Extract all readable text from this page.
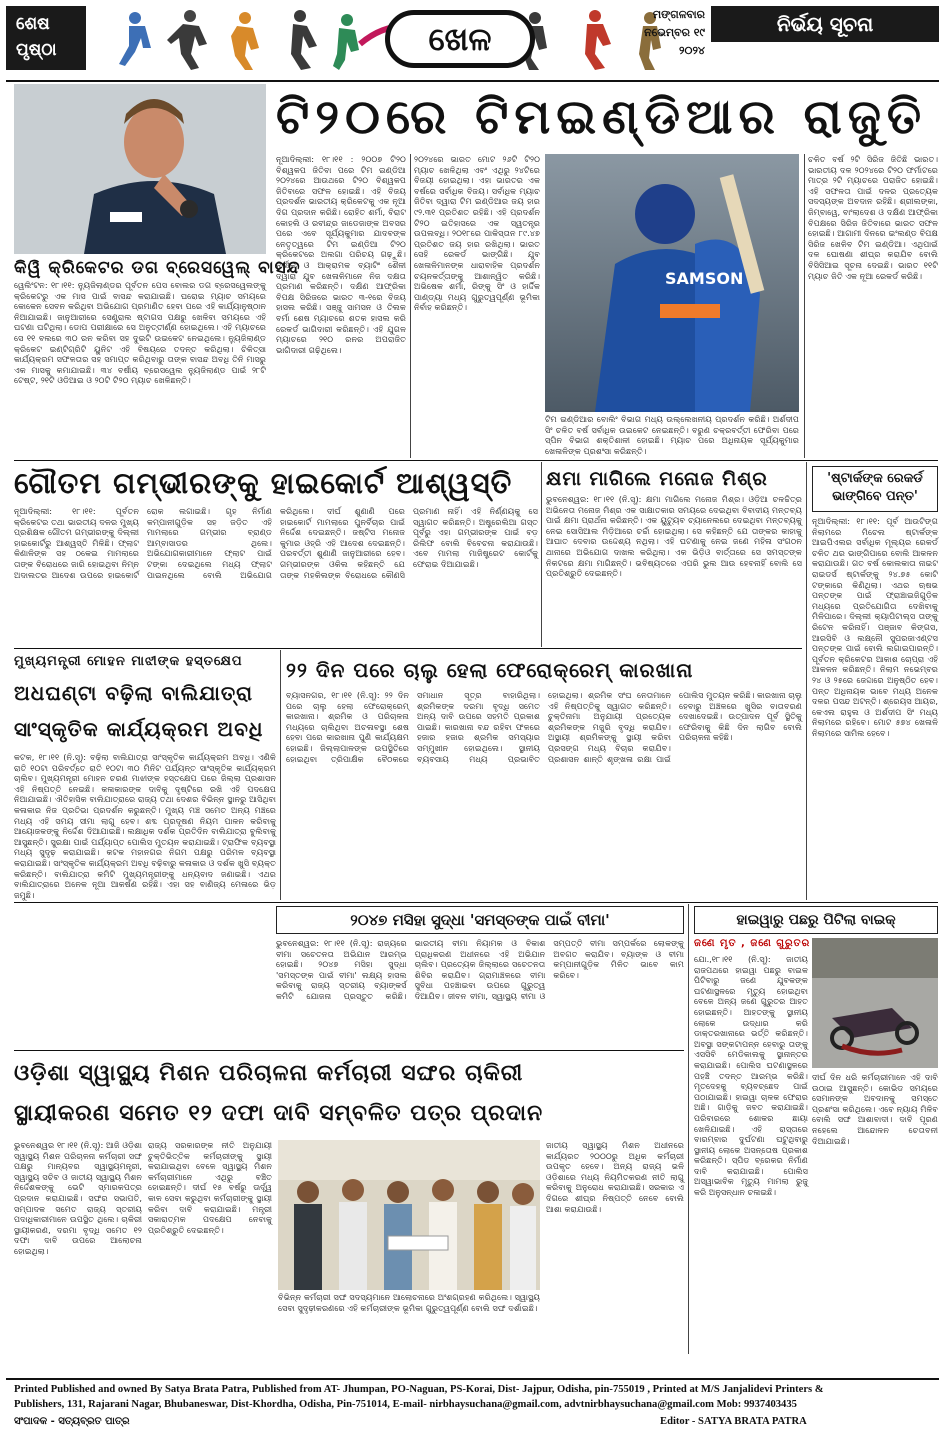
ଶେଷ
ପୃଷ୍ଠା	ଖେଳ
ମଙ୍ଗଳବାର
ନଭେମ୍ବର ୧୯
୨୦୨୪
ନିର୍ଭୟ ସୂଚନା
କିୱି କ୍ରିକେଟର ଡଗ ବ୍ରେସୱେଲ୍ ବାସନ୍ଦ
ୱେଲିଂଟନ: ୧୮।୧୧: ନ୍ୟୁଜିଲାଣ୍ଡର ପୂର୍ବତନ ପେସ ବୋଲର ଡଗ ବ୍ରେସୱେଲଙ୍କୁ କ୍ରିକେଟରୁ ଏକ ମାସ ପାଇଁ ବାସନ୍ଦ କରାଯାଇଛି। ଘରୋଇ ମ୍ୟାଚ ସମୟରେ କୋକେନ ସେବନ କରିଥିବା ଅଭିଯୋଗ ପ୍ରମାଣିତ ହେବା ପରେ ଏହି କାର୍ଯ୍ୟାନୁଷ୍ଠାନ ନିଆଯାଇଛି। ଜାନୁଆରୀରେ ସେଣ୍ଟ୍ରାଲ ଷ୍ଟାଗସ ପକ୍ଷରୁ ଖେଳିବା ସମୟରେ ଏହି ଘଟଣା ଘଟିଥିଲା। ଡୋପ ପରୀକ୍ଷାରେ ସେ ଅନୁତ୍ତୀର୍ଣ୍ଣ ହୋଇଥିଲେ। ଏହି ମ୍ୟାଚରେ ସେ ୧୧ ବଲରେ ୩୦ ରନ କରିବା ସହ ଦୁଇଟି ଉଇକେଟ ନେଇଥିଲେ। ନ୍ୟୁଜିଲାଣ୍ଡ କ୍ରିକେଟ ଇଣ୍ଟିଗ୍ରିଟି ୟୁନିଟ ଏହି ବିଷୟରେ ତଦନ୍ତ କରିଥିଲା। ଚିକିତ୍ସା କାର୍ଯ୍ୟକ୍ରମ ସଫଳତାର ସହ ସମାପ୍ତ କରିଥିବାରୁ ତାଙ୍କ ବାସନ୍ଦ ଅବଧି ତିନି ମାସରୁ ଏକ ମାସକୁ କମାଯାଇଛି। ୩୪ ବର୍ଷୀୟ ବ୍ରେସୱେଲ ନ୍ୟୁଜିଲାଣ୍ଡ ପାଇଁ ୨୮ଟି ଟେଷ୍ଟ, ୨୧ଟି ଓଡିଆଇ ଓ ୨୦ଟି ଟି୨୦ ମ୍ୟାଚ ଖେଳିଛନ୍ତି।
ଟି୨୦ରେ ଟିମଇଣ୍ଡିଆର ରାଜୁତି
ନୂଆଦିଲ୍ଲୀ: ୧୮।୧୧ : ୨୦୦୭ ଟି୨୦ ବିଶ୍ୱକପ ଜିତିବା ପରେ ଟିମ ଇଣ୍ଡିଆ ୨୦୨୪ରେ ଆଉଥରେ ଟି୨୦ ବିଶ୍ୱକପ ଜିତିବାରେ ସଫଳ ହୋଇଛି। ଏହି ବିଜୟ ପ୍ରଦର୍ଶନ ଭାରତୀୟ କ୍ରିକେଟକୁ ଏକ ନୂଆ ଦିଗ ପ୍ରଦାନ କରିଛି। ରୋହିତ ଶର୍ମା, ବିରାଟ କୋହଲି ଓ ରବୀନ୍ଦ୍ର ଜାଡେଜାଙ୍କ ଅବସର ପରେ ଏବେ ସୂର୍ଯ୍ୟକୁମାର ଯାଦବଙ୍କ ନେତୃତ୍ୱରେ ଟିମ ଇଣ୍ଡିଆ ଟି୨୦ କ୍ରିକେଟରେ ଅଲଗା ପରିଚୟ ଗଢ଼ୁଛି। ନିର୍ଭୀକ ଓ ଆକ୍ରାମକ ବ୍ୟାଟିଂ ଶୈଳୀ ଦ୍ୱାରା ଯୁବ ଖେଳାଳିମାନେ ନିଜ ଦକ୍ଷତା ପ୍ରମାଣ କରିଛନ୍ତି। ଦକ୍ଷିଣ ଆଫ୍ରିକା ବିପକ୍ଷ ସିରିଜରେ ଭାରତ ୩-୧ରେ ବିଜୟ ହାସଲ କରିଛି। ସଞ୍ଜୁ ସାମସନ ଓ ତିଲକ ବର୍ମା ଶେଷ ମ୍ୟାଚରେ ଶତକ ହାସଲ କରି ରେକର୍ଡ ଭାଗିଦାରୀ କରିଛନ୍ତି। ଏହି ଯୁଗଳ ମ୍ୟାଚରେ ୨୧୦ ରନର ଅପରାଜିତ ଭାଗିଦାରୀ ଗଢ଼ିଥିଲେ।
୨୦୨୪ରେ ଭାରତ ମୋଟ ୨୬ଟି ଟି୨୦ ମ୍ୟାଚ ଖେଳିଥିଲା ଏବଂ ଏଥିରୁ ୨୪ଟିରେ ବିଜୟୀ ହୋଇଥିଲା। ଏହା ଭାରତର ଏକ ବର୍ଷରେ ସର୍ବାଧିକ ବିଜୟ। ସର୍ବାଧିକ ମ୍ୟାଚ ଜିତିବା ଦ୍ୱାରା ଟିମ ଇଣ୍ଡିଆର ଜୟ ହାର ୯୨.୩୧ ପ୍ରତିଶତ ରହିଛି। ଏହି ପ୍ରଦର୍ଶନ ଟି୨୦ ଇତିହାସରେ ଏକ ସ୍ୱତନ୍ତ୍ର ଉପଲବ୍ଧି। ୨୦୧୮ରେ ପାକିସ୍ତାନ ୮୯.୪୭ ପ୍ରତିଶତ ଜୟ ହାର ରଖିଥିଲା। ଭାରତ ସେହି ରେକର୍ଡ ଭାଙ୍ଗିଛି। ଯୁବ ଖେଳାଳିମାନଙ୍କ ଧାରାବାହିକ ପ୍ରଦର୍ଶନ ଚୟନକର୍ତ୍ତାଙ୍କୁ ଆଶାନ୍ୱିତ କରିଛି। ଅଭିଷେକ ଶର୍ମା, ରିଙ୍କୁ ସିଂ ଓ ହାର୍ଦ୍ଦିକ ପାଣ୍ଡ୍ୟା ମଧ୍ୟ ଗୁରୁତ୍ୱପୂର୍ଣ୍ଣ ଭୂମିକା ନିର୍ବାହ କରିଛନ୍ତି।
SAMSON
ଟିମ ଇଣ୍ଡିଆର ବୋଲିଂ ବିଭାଗ ମଧ୍ୟ ଉଲ୍ଲେଖନୀୟ ପ୍ରଦର୍ଶନ କରିଛି। ଅର୍ଶଦୀପ ସିଂ ଚଳିତ ବର୍ଷ ସର୍ବାଧିକ ଉଇକେଟ ନେଇଛନ୍ତି। ବରୁଣ ଚକ୍ରବର୍ତ୍ତୀ ଫେରିବା ପରେ ସ୍ପିନ ବିଭାଗ ଶକ୍ତିଶାଳୀ ହୋଇଛି। ମ୍ୟାଚ ପରେ ଅଧିନାୟକ ସୂର୍ଯ୍ୟକୁମାର ଖେଳାଳିଙ୍କ ପ୍ରଶଂସା କରିଛନ୍ତି।
ଚଳିତ ବର୍ଷ ୨ଟି ସିରିଜ ଜିତିଛି ଭାରତ। ଭାରତୀୟ ଦଳ ୨୦୨୪ରେ ଟି୨୦ ଫର୍ମାଟରେ ମାତ୍ର ୨ଟି ମ୍ୟାଚରେ ପରାଜିତ ହୋଇଛି। ଏହି ସଫଳତା ପାଇଁ ଦଳର ପ୍ରତ୍ୟେକ ସଦସ୍ୟଙ୍କ ଅବଦାନ ରହିଛି। ଶ୍ରୀଲଙ୍କା, ଜିମ୍ବାୱେ, ବାଂଲାଦେଶ ଓ ଦକ୍ଷିଣ ଆଫ୍ରିକା ବିପକ୍ଷରେ ସିରିଜ ଜିତିବାରେ ଭାରତ ସଫଳ ହୋଇଛି। ଆଗାମୀ ଦିନରେ ଇଂଲଣ୍ଡ ବିପକ୍ଷ ସିରିଜ ଖେଳିବ ଟିମ ଇଣ୍ଡିଆ। ଏଥିପାଇଁ ଦଳ ଘୋଷଣା ଶୀଘ୍ର କରାଯିବ ବୋଲି ବିସିସିଆଇ ସୂଚନା ଦେଇଛି। ଭାରତ ୧୧ଟି ମ୍ୟାଚ ଜିତି ଏକ ନୂଆ ରେକର୍ଡ କରିଛି।
ଗୌତମ ଗମ୍ଭୀରଙ୍କୁ ହାଇକୋର୍ଟ ଆଶ୍ୱସ୍ତି
ନୂଆଦିଲ୍ଲୀ: ୧୮।୧୧: ପୂର୍ବତନ କ୍ରିକେଟର ତଥା ଭାରତୀୟ ଦଳର ମୁଖ୍ୟ ପ୍ରଶିକ୍ଷକ ଗୌତମ ଗମ୍ଭୀରଙ୍କୁ ଦିଲ୍ଲୀ ହାଇକୋର୍ଟରୁ ଆଶ୍ୱସ୍ତି ମିଳିଛି। ଫ୍ଲାଟ କିଣାଳିଙ୍କ ସହ ଠକେଇ ମାମଲାରେ ତାଙ୍କ ବିରୋଧରେ ଜାରି ହୋଇଥିବା ନିମ୍ନ ଅଦାଲତର ଆଦେଶ ଉପରେ ହାଇକୋର୍ଟ ରୋକ ଲଗାଇଛି। ଗୃହ ନିର୍ମାଣ କମ୍ପାନୀଗୁଡ଼ିକ ସହ ଜଡ଼ିତ ଏହି ମାମଲାରେ ଗମ୍ଭୀର ବ୍ରାଣ୍ଡ ଆମ୍ବାସାଡର ଥିଲେ। ଅଭିଯୋଗକାରୀମାନେ ଫ୍ଲାଟ ପାଇଁ ଟଙ୍କା ଦେଇଥିଲେ ମଧ୍ୟ ଫ୍ଲାଟ ପାଇନଥିଲେ ବୋଲି ଅଭିଯୋଗ କରିଥିଲେ। ଦୀର୍ଘ ଶୁଣାଣି ପରେ ହାଇକୋର୍ଟ ମାମଲାରେ ପୁନର୍ବିଚାର ପାଇଁ ନିର୍ଦ୍ଦେଶ ଦେଇଛନ୍ତି। ଜଷ୍ଟିସ ମନୋଜ କୁମାର ଓହ୍ରି ଏହି ଆଦେଶ ଦେଇଛନ୍ତି। ପରବର୍ତ୍ତୀ ଶୁଣାଣି ଜାନୁଆରୀରେ ହେବ। ଗମ୍ଭୀରଙ୍କ ଓକିଲ କହିଛନ୍ତି ଯେ ତାଙ୍କ ମହକିଲଙ୍କ ବିରୋଧରେ କୌଣସି ପ୍ରମାଣ ନାହିଁ। ଏହି ନିର୍ଣ୍ଣୟକୁ ସେ ସ୍ୱାଗତ କରିଛନ୍ତି। ଅଷ୍ଟ୍ରେଲିଆ ଗସ୍ତ ପୂର୍ବରୁ ଏହା ଗମ୍ଭୀରଙ୍କ ପାଇଁ ବଡ଼ ରିଲିଫ ବୋଲି ବିବେଚନା କରାଯାଉଛି। ଏବେ ମାମଲା ମାଜିଷ୍ଟ୍ରେଟ କୋର୍ଟକୁ ଫେରାଇ ଦିଆଯାଇଛି।
କ୍ଷମା ମାଗିଲେ ମନୋଜ ମିଶ୍ର
ଭୁବନେଶ୍ୱର: ୧୮।୧୧ (ନି.ସୂ): କ୍ଷମା ମାଗିଲେ ମନୋଜ ମିଶ୍ର। ଓଡ଼ିଆ ଚଳଚ୍ଚିତ୍ର ଅଭିନେତା ମନୋଜ ମିଶ୍ର ଏକ ସାକ୍ଷାତକାର ସମୟରେ ଦେଇଥିବା ବିବାଦୀୟ ମନ୍ତବ୍ୟ ପାଇଁ କ୍ଷମା ପ୍ରାର୍ଥନା କରିଛନ୍ତି। ଏକ ୟୁଟ୍ୟୁବ ଚ୍ୟାନେଲରେ ଦେଇଥିବା ମନ୍ତବ୍ୟକୁ ନେଇ ସୋସିଆଲ ମିଡ଼ିଆରେ ଚର୍ଚ୍ଚା ହୋଇଥିଲା। ସେ କହିଛନ୍ତି ଯେ ତାଙ୍କର କାହାକୁ ଆଘାତ ଦେବାର ଉଦ୍ଦେଶ୍ୟ ନଥିଲା। ଏହି ଘଟଣାକୁ ନେଇ ଜଣେ ମହିଳା ସଂଗଠନ ଥାନାରେ ଅଭିଯୋଗ ଦାଖଲ କରିଥିଲା। ଏକ ଭିଡ଼ିଓ ବାର୍ତ୍ତାରେ ସେ ସମସ୍ତଙ୍କ ନିକଟରେ କ୍ଷମା ମାଗିଛନ୍ତି। ଭବିଷ୍ୟତରେ ଏପରି ଭୁଲ ଆଉ ହେବନାହିଁ ବୋଲି ସେ ପ୍ରତିଶ୍ରୁତି ଦେଇଛନ୍ତି।
'ଷ୍ଟାର୍କଙ୍କ ରେକର୍ଡ
ଭାଙ୍ଗିବେ ପନ୍ତ'
ନୂଆଦିଲ୍ଲୀ: ୧୮।୧୧: ପୂର୍ବ ଆଉଟିଙ୍ଗ ନିଲାମରେ ମିଚେଲ ଷ୍ଟାର୍କଙ୍କ ଆଇପିଏଲର ସର୍ବାଧିକ ମୂଲ୍ୟର ରେକର୍ଡ ଚଳିତ ଥର ଭାଙ୍ଗିପାରେ ବୋଲି ଆକଳନ କରାଯାଉଛି। ଗତ ବର୍ଷ କୋଲକାତା ନାଇଟ ରାଇଡର୍ସ ଷ୍ଟାର୍କଙ୍କୁ ୨୪.୭୫ କୋଟି ଟଙ୍କାରେ କିଣିଥିଲା। ଏଥର ଋଷଭ ପନ୍ତଙ୍କ ପାଇଁ ଫ୍ରାଞ୍ଚାଇଜିଗୁଡ଼ିକ ମଧ୍ୟରେ ପ୍ରତିଯୋଗିତା ଦେଖିବାକୁ ମିଳିପାରେ। ଦିଲ୍ଲୀ କ୍ୟାପିଟାଲ୍ସ ତାଙ୍କୁ ରିଟେନ କରିନାହିଁ। ପଞ୍ଜାବ କିଙ୍ଗସ, ଆରସିବି ଓ ଲକ୍ଷ୍ନୌ ସୁପରଜାଏଣ୍ଟସ ପନ୍ତଙ୍କ ପାଇଁ ବୋଲି ଲଗାଇପାରନ୍ତି। ପୂର୍ବତନ କ୍ରିକେଟର ଆକାଶ ଚୋପ୍ରା ଏହି ଆକଳନ କରିଛନ୍ତି। ନିଲାମ ନଭେମ୍ବର ୨୪ ଓ ୨୫ରେ ଜେଦ୍ଦାରେ ଅନୁଷ୍ଠିତ ହେବ। ପନ୍ତ ଅଧିନାୟକ ଭାବେ ମଧ୍ୟ ଅନେକ ଦଳର ପସନ୍ଦ ଅଟନ୍ତି। ଶ୍ରେୟସ ଆୟର, କେଏଲ ରାହୁଲ ଓ ଅର୍ଶଦୀପ ସିଂ ମଧ୍ୟ ନିଲାମରେ ରହିବେ। ମୋଟ ୫୭୪ ଖେଳାଳି ନିଲାମରେ ସାମିଲ ହେବେ।
ମୁଖ୍ୟମନ୍ତ୍ରୀ ମୋହନ ମାଝୀଙ୍କ ହସ୍ତକ୍ଷେପ
ଅଧଘଣ୍ଟା ବଢ଼ିଲା ବାଲିଯାତ୍ରା
ସାଂସ୍କୃତିକ କାର୍ଯ୍ୟକ୍ରମ ଅବଧି
କଟକ, ୧୮।୧୧ (ନି.ସୂ): ବଢ଼ିଲା ବାଲିଯାତ୍ରା ସାଂସ୍କୃତିକ କାର୍ଯ୍ୟକ୍ରମ ଅବଧି। ଏଣିକି ରାତି ୧୦ଟା ପରିବର୍ତ୍ତେ ରାତି ୧୦ଟା ୩୦ ମିନିଟ ପର୍ଯ୍ୟନ୍ତ ସାଂସ୍କୃତିକ କାର୍ଯ୍ୟକ୍ରମ ଚାଲିବ। ମୁଖ୍ୟମନ୍ତ୍ରୀ ମୋହନ ଚରଣ ମାଝୀଙ୍କ ହସ୍ତକ୍ଷେପ ପରେ ଜିଲ୍ଲା ପ୍ରଶାସନ ଏହି ନିଷ୍ପତ୍ତି ନେଇଛି। କଳାକାରଙ୍କ ଦାବିକୁ ଦୃଷ୍ଟିରେ ରଖି ଏହି ପଦକ୍ଷେପ ନିଆଯାଇଛି। ଐତିହାସିକ ବାଲିଯାତ୍ରାରେ ରାଜ୍ୟ ତଥା ଦେଶର ବିଭିନ୍ନ ସ୍ଥାନରୁ ଆସିଥିବା କଳାକାର ନିଜ ପ୍ରତିଭା ପ୍ରଦର୍ଶନ କରୁଛନ୍ତି। ମୁଖ୍ୟ ମଞ୍ଚ ସମେତ ଅନ୍ୟ ମଞ୍ଚରେ ମଧ୍ୟ ଏହି ସମୟ ସୀମା ଲାଗୁ ହେବ। ଶବ୍ଦ ପ୍ରଦୂଷଣ ନିୟମ ପାଳନ କରିବାକୁ ଆୟୋଜକଙ୍କୁ ନିର୍ଦ୍ଦେଶ ଦିଆଯାଇଛି। ଲକ୍ଷାଧିକ ଦର୍ଶକ ପ୍ରତିଦିନ ବାଲିଯାତ୍ରା ବୁଲିବାକୁ ଆସୁଛନ୍ତି। ସୁରକ୍ଷା ପାଇଁ ପର୍ଯ୍ୟାପ୍ତ ପୋଲିସ ମୁତୟନ କରାଯାଇଛି। ଟ୍ରାଫିକ ବ୍ୟବସ୍ଥା ମଧ୍ୟ ସୁଦୃଢ଼ କରାଯାଇଛି। କଟକ ମହାନଗର ନିଗମ ପକ୍ଷରୁ ପରିମଳ ବ୍ୟବସ୍ଥା କରାଯାଇଛି। ସାଂସ୍କୃତିକ କାର୍ଯ୍ୟକ୍ରମ ଅବଧି ବଢ଼ିବାରୁ କଳାକାର ଓ ଦର୍ଶକ ଖୁସି ବ୍ୟକ୍ତ କରିଛନ୍ତି। ବାଲିଯାତ୍ରା କମିଟି ମୁଖ୍ୟମନ୍ତ୍ରୀଙ୍କୁ ଧନ୍ୟବାଦ ଜଣାଇଛି। ଏଥର ବାଲିଯାତ୍ରାରେ ଅନେକ ନୂଆ ଆକର୍ଷଣ ରହିଛି। ଏହା ସହ ବାଣିଜ୍ୟ ମେଳାରେ ଭିଡ଼ ଜମୁଛି।
୨୨ ଦିନ ପରେ ଚାଲୁ ହେଲା ଫେରୋକ୍ରେମ୍ କାରଖାନା
ବ୍ୟାସନଗର, ୧୮।୧୧ (ନି.ସୂ): ୨୨ ଦିନ ପରେ ଚାଲୁ ହେଲା ଫେରୋକ୍ରେମ୍ କାରଖାନା। ଶ୍ରମିକ ଓ ପରିଚାଳନା ମଧ୍ୟରେ ଚାଲିଥିବା ଅଚଳାବସ୍ଥା ଶେଷ ହେବା ପରେ କାରଖାନା ପୁଣି କାର୍ଯ୍ୟକ୍ଷମ ହୋଇଛି। ଜିଲ୍ଲାପାଳଙ୍କ ଉପସ୍ଥିତିରେ ହୋଇଥିବା ତ୍ରିପାକ୍ଷିକ ବୈଠକରେ ସମାଧାନ ସୂତ୍ର ବାହାରିଥିଲା। ଶ୍ରମିକଙ୍କ ଦରମା ବୃଦ୍ଧି ସମେତ ଅନ୍ୟ ଦାବି ଉପରେ ସହମତି ପ୍ରକାଶ ପାଇଛି। କାରଖାନା ବନ୍ଦ ରହିବା ଫଳରେ ହଜାର ହଜାର ଶ୍ରମିକ ସମସ୍ୟାର ସମ୍ମୁଖୀନ ହୋଇଥିଲେ। ସ୍ଥାନୀୟ ବ୍ୟବସାୟ ମଧ୍ୟ ପ୍ରଭାବିତ ହୋଇଥିଲା। ଶ୍ରମିକ ସଂଘ ନେତାମାନେ ଏହି ନିଷ୍ପତ୍ତିକୁ ସ୍ୱାଗତ କରିଛନ୍ତି। ଚୁକ୍ତିନାମା ଅନୁଯାୟୀ ପ୍ରତ୍ୟେକ ଶ୍ରମିକଙ୍କ ମଜୁରି ବୃଦ୍ଧି କରାଯିବ। ଅସ୍ଥାୟୀ ଶ୍ରମିକଙ୍କୁ ସ୍ଥାୟୀ କରିବା ପ୍ରସଙ୍ଗ ମଧ୍ୟ ବିଚାର କରାଯିବ। ପ୍ରଶାସନ ଶାନ୍ତି ଶୃଙ୍ଖଳା ରକ୍ଷା ପାଇଁ ପୋଲିସ ମୁତୟନ କରିଛି। କାରଖାନା ଚାଲୁ ହେବାରୁ ଅଞ୍ଚଳରେ ଖୁସିର ବାତାବରଣ ଦେଖାଦେଇଛି। ଉତ୍ପାଦନ ପୂର୍ବ ସ୍ଥିତିକୁ ଫେରିବାକୁ କିଛି ଦିନ ଲାଗିବ ବୋଲି ପରିଚାଳନା କହିଛି।
୨୦୪୭ ମସିହା ସୁଦ୍ଧା 'ସମସ୍ତଙ୍କ ପାଇଁ ବୀମା'
ଭୁବନେଶ୍ୱର: ୧୮।୧୧ (ନି.ସୂ): ରାଜ୍ୟରେ ବୀମା ସଚେତନତା ଅଭିଯାନ ଆରମ୍ଭ ହୋଇଛି। ୨୦୪୭ ମସିହା ସୁଦ୍ଧା 'ସମସ୍ତଙ୍କ ପାଇଁ ବୀମା' ଲକ୍ଷ୍ୟ ହାସଲ କରିବାକୁ ରାଜ୍ୟ ସ୍ତରୀୟ ବ୍ୟାଙ୍କର୍ସ କମିଟି ଯୋଜନା ପ୍ରସ୍ତୁତ କରିଛି। ଭାରତୀୟ ବୀମା ନିୟାମକ ଓ ବିକାଶ ପ୍ରାଧିକରଣ ଅଧୀନରେ ଏହି ଅଭିଯାନ ଚାଲିବ। ପ୍ରତ୍ୟେକ ଜିଲ୍ଲାରେ ସଚେତନତା ଶିବିର କରାଯିବ। ଗ୍ରାମାଞ୍ଚଳରେ ବୀମା ସୁବିଧା ପହଞ୍ଚାଇବା ଉପରେ ଗୁରୁତ୍ୱ ଦିଆଯିବ। ଜୀବନ ବୀମା, ସ୍ୱାସ୍ଥ୍ୟ ବୀମା ଓ ସମ୍ପତ୍ତି ବୀମା ସମ୍ପର୍କରେ ଲୋକଙ୍କୁ ଅବଗତ କରାଯିବ। ବ୍ୟାଙ୍କ ଓ ବୀମା କମ୍ପାନୀଗୁଡ଼ିକ ମିଳିତ ଭାବେ କାମ କରିବେ।
ହାଇୱାରୁ ପଛରୁ ପିଟିଲା ବାଇକ୍
ଜଣେ ମୃତ , ଜଣେ ଗୁରୁତର
ଯୋ.,୧୮।୧୧ (ନି.ସୂ): ଜାତୀୟ ରାଜପଥରେ ହାଇୱା ପଛରୁ ବାଇକ ପିଟିବାରୁ ଜଣେ ଯୁବକଙ୍କ ଘଟଣାସ୍ଥଳରେ ମୃତ୍ୟୁ ହୋଇଥିବା ବେଳେ ଅନ୍ୟ ଜଣେ ଗୁରୁତର ଆହତ ହୋଇଛନ୍ତି। ଆହତଙ୍କୁ ସ୍ଥାନୀୟ ଲୋକେ ଉଦ୍ଧାର କରି ଡାକ୍ତରଖାନାରେ ଭର୍ତ୍ତି କରିଛନ୍ତି। ଅବସ୍ଥା ସଙ୍କଟାପନ୍ନ ହେବାରୁ ତାଙ୍କୁ ଏସସିବି ମେଡିକାଲକୁ ସ୍ଥାନାନ୍ତର କରାଯାଇଛି। ପୋଲିସ ଘଟଣାସ୍ଥଳରେ ପହଞ୍ଚି ତଦନ୍ତ ଆରମ୍ଭ କରିଛି। ମୃତଦେହକୁ ବ୍ୟବଚ୍ଛେଦ ପାଇଁ ପଠାଯାଇଛି। ହାଇୱା ଚାଳକ ଫେରାର ଅଛି। ଗାଡ଼ିକୁ ଜବତ କରାଯାଇଛି। ପରିବାରରେ ଶୋକର ଛାୟା ଖେଳିଯାଇଛି। ଏହି ରାସ୍ତାରେ ବାରମ୍ବାର ଦୁର୍ଘଟଣା ଘଟୁଥିବାରୁ ସ୍ଥାନୀୟ ଲୋକେ ଅସନ୍ତୋଷ ପ୍ରକାଶ କରିଛନ୍ତି। ସ୍ପିଡ ବ୍ରେକର ନିର୍ମାଣ ଦାବି କରାଯାଇଛି। ପୋଲିସ ଅସ୍ୱାଭାବିକ ମୃତ୍ୟୁ ମାମଲା ରୁଜୁ କରି ଅନୁସନ୍ଧାନ ଚଳାଇଛି।
ଓଡ଼ିଶା ସ୍ୱାସ୍ଥ୍ୟ ମିଶନ ପରିଚାଳନା କର୍ମଚାରୀ ସଙ୍ଘର ଚାକିରୀ
ସ୍ଥାୟୀକରଣ ସମେତ ୧୨ ଦଫା ଦାବି ସମ୍ବଳିତ ପତ୍ର ପ୍ରଦାନ
ଭୁବନେଶ୍ୱର ୧୮।୧୧ (ନି.ସୂ): ଆଜି ଓଡ଼ିଶା ସ୍ୱାସ୍ଥ୍ୟ ମିଶନ ପରିଚାଳନା କର୍ମଚାରୀ ସଙ୍ଘ ପକ୍ଷରୁ ମାନ୍ୟବର ସ୍ୱାସ୍ଥ୍ୟମନ୍ତ୍ରୀ, ସ୍ୱାସ୍ଥ୍ୟ ସଚିବ ଓ ଜାତୀୟ ସ୍ୱାସ୍ଥ୍ୟ ମିଶନ ନିର୍ଦ୍ଦେଶକଙ୍କୁ ଭେଟି ସ୍ମାରକପତ୍ର ପ୍ରଦାନ କରାଯାଇଛି। ସଙ୍ଘର ସଭାପତି, ସମ୍ପାଦକ ସମେତ ରାଜ୍ୟ ସ୍ତରୀୟ ପଦାଧିକାରୀମାନେ ଉପସ୍ଥିତ ଥିଲେ। ଚାକିରୀ ସ୍ଥାୟୀକରଣ, ଦରମା ବୃଦ୍ଧି ସମେତ ୧୨ ଦଫା ଦାବି ଉପରେ ଆଲୋଚନା ହୋଇଥିଲା।
ରାଜ୍ୟ ସରକାରଙ୍କ ନୀତି ଅନୁଯାୟୀ ଚୁକ୍ତିଭିତ୍ତିକ କର୍ମଚାରୀଙ୍କୁ ସ୍ଥାୟୀ କରାଯାଇଥିବା ବେଳେ ସ୍ୱାସ୍ଥ୍ୟ ମିଶନ କର୍ମଚାରୀମାନେ ଏଥିରୁ ବଞ୍ଚିତ ହୋଇଛନ୍ତି। ଦୀର୍ଘ ୧୫ ବର୍ଷରୁ ଊର୍ଦ୍ଧ୍ୱ କାଳ ସେବା କରୁଥିବା କର୍ମଚାରୀଙ୍କୁ ସ୍ଥାୟୀ କରିବା ଦାବି କରାଯାଇଛି। ମନ୍ତ୍ରୀ ସକାରାତ୍ମକ ପଦକ୍ଷେପ ନେବାକୁ ପ୍ରତିଶ୍ରୁତି ଦେଇଛନ୍ତି।
ବିଭିନ୍ନ କର୍ମଚାରୀ ସଙ୍ଘ ସଦସ୍ୟମାନେ ଆଲୋଚନାରେ ଅଂଶଗ୍ରହଣ କରିଥିଲେ। ସ୍ୱାସ୍ଥ୍ୟ ସେବା ସୁଦୃଢ଼ୀକରଣରେ ଏହି କର୍ମଚାରୀଙ୍କ ଭୂମିକା ଗୁରୁତ୍ୱପୂର୍ଣ୍ଣ ବୋଲି ସଙ୍ଘ ଦର୍ଶାଇଛି।
ଜାତୀୟ ସ୍ୱାସ୍ଥ୍ୟ ମିଶନ ଅଧୀନରେ କାର୍ଯ୍ୟରତ ୨୦୦୦ରୁ ଅଧିକ କର୍ମଚାରୀ ଉପକୃତ ହେବେ। ଅନ୍ୟ ରାଜ୍ୟ ଭଳି ଓଡ଼ିଶାରେ ମଧ୍ୟ ନିୟମିତକରଣ ନୀତି ଲାଗୁ କରିବାକୁ ଅନୁରୋଧ କରାଯାଇଛି। ସରକାର ଏ ଦିଗରେ ଶୀଘ୍ର ନିଷ୍ପତ୍ତି ନେବେ ବୋଲି ଆଶା କରାଯାଉଛି।
ଦୀର୍ଘ ଦିନ ଧରି କର୍ମଚାରୀମାନେ ଏହି ଦାବି ଉଠାଇ ଆସୁଛନ୍ତି। କୋଭିଡ ସମୟରେ ସେମାନଙ୍କ ଅବଦାନକୁ ସମସ୍ତେ ପ୍ରଶଂସା କରିଥିଲେ। ଏବେ ନ୍ୟାୟ ମିଳିବ ବୋଲି ସଙ୍ଘ ଆଶାବାଦୀ। ଦାବି ପୂରଣ ନହେଲେ ଆନ୍ଦୋଳନ ଚେତାବନୀ ଦିଆଯାଇଛି।
Printed Published and owned By Satya Brata Patra, Published from AT- Jhumpan, PO-Naguan, PS-Korai, Dist- Jajpur, Odisha, pin-755019 , Printed at M/S Janjalidevi Printers &
Publishers, 131, Rajarani Nagar, Bhubaneswar, Dist-Khordha, Odisha, Pin-751014, E-mail- nirbhaysuchana@gmail.com, advtnirbhaysuchana@gmail.com Mob: 9937403435
ସଂପାଦକ - ସତ୍ୟବ୍ରତ ପାତ୍ର	Editor - SATYA BRATA PATRA
